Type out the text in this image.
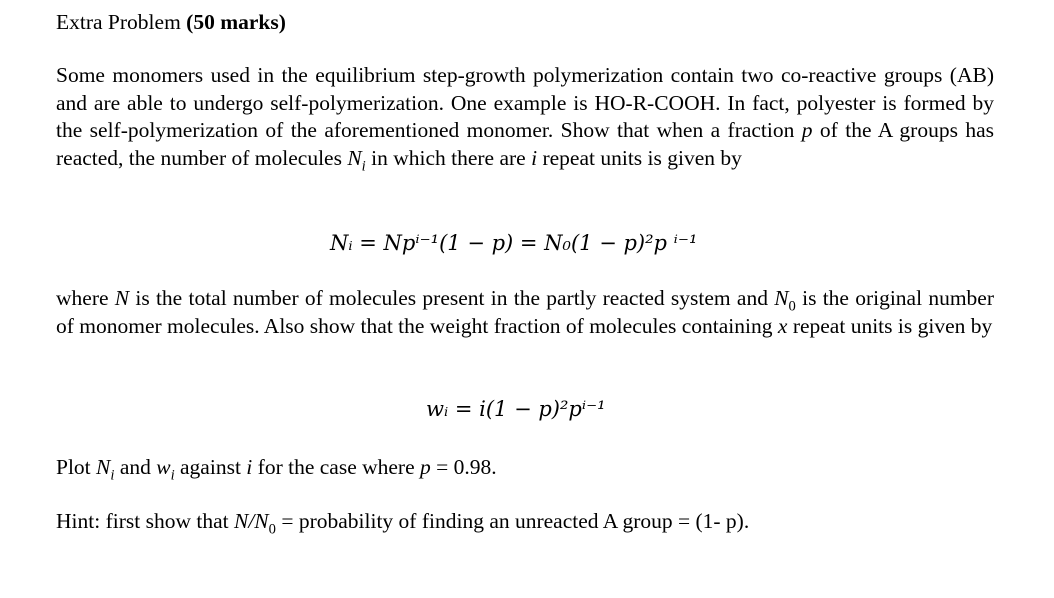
Extra Problem (50 marks)
Some monomers used in the equilibrium step-growth polymerization contain two co-reactive groups (AB) and are able to undergo self-polymerization. One example is HO-R-COOH. In fact, polyester is formed by the self-polymerization of the aforementioned monomer. Show that when a fraction p of the A groups has reacted, the number of molecules $N_i$ in which there are i repeat units is given by
Nᵢ = Npⁱ⁻¹(1 − p) = N₀(1 − p)²p ⁱ⁻¹
where N is the total number of molecules present in the partly reacted system and $N_0$ is the original number of monomer molecules. Also show that the weight fraction of molecules containing x repeat units is given by
wᵢ = i(1 − p)²pⁱ⁻¹
Plot $N_i$ and $w_i$ against i for the case where p = 0.98.
Hint: first show that $N/N_0$ = probability of finding an unreacted A group = (1- p).
